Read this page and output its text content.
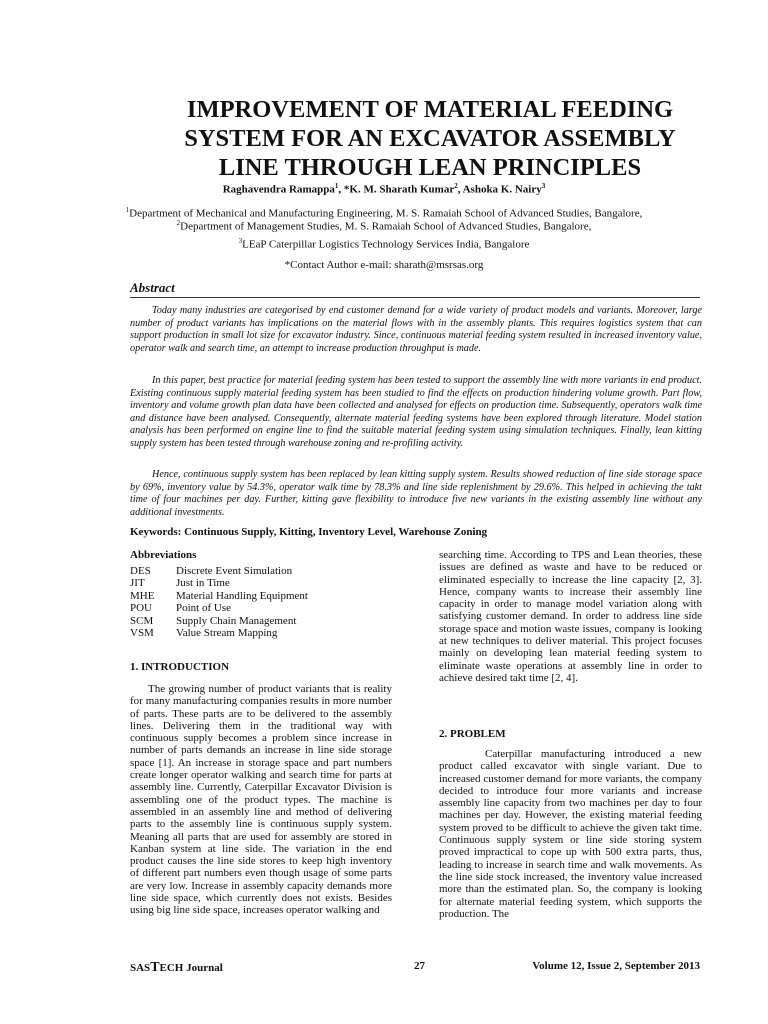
IMPROVEMENT OF MATERIAL FEEDING
SYSTEM FOR AN EXCAVATOR ASSEMBLY
LINE THROUGH LEAN PRINCIPLES
Raghavendra Ramappa$^1$, *K. M. Sharath Kumar$^2$, Ashoka K. Nairy$^3$
$^1$Department of Mechanical and Manufacturing Engineering, M. S. Ramaiah School of Advanced Studies, Bangalore,
$^2$Department of Management Studies, M. S. Ramaiah School of Advanced Studies, Bangalore,
$^3$LEaP Caterpillar Logistics Technology Services India, Bangalore
*Contact Author e-mail: sharath@msrsas.org
Abstract

Today many industries are categorised by end customer demand for a wide variety of product models and variants. Moreover, large number of product variants has implications on the material flows with in the assembly plants. This requires logistics system that can support production in small lot size for excavator industry. Since, continuous material feeding system resulted in increased inventory value, operator walk and search time, an attempt to increase production throughput is made.

In this paper, best practice for material feeding system has been tested to support the assembly line with more variants in end product. Existing continuous supply material feeding system has been studied to find the effects on production hindering volume growth. Part flow, inventory and volume growth plan data have been collected and analysed for effects on production time. Subsequently, operators walk time and distance have been analysed. Consequently, alternate material feeding systems have been explored through literature. Model station analysis has been performed on engine line to find the suitable material feeding system using simulation techniques. Finally, lean kitting supply system has been tested through warehouse zoning and re-profiling activity.

Hence, continuous supply system has been replaced by lean kitting supply system. Results showed reduction of line side storage space by 69%, inventory value by 54.3%, operator walk time by 78.3% and line side replenishment by 29.6%. This helped in achieving the takt time of four machines per day. Further, kitting gave flexibility to introduce five new variants in the existing assembly line without any additional investments.

Keywords: Continuous Supply, Kitting, Inventory Level, Warehouse Zoning
Abbreviations
DES	Discrete Event Simulation
JIT	Just in Time
MHE	Material Handling Equipment
POU	Point of Use
SCM	Supply Chain Management
VSM	Value Stream Mapping
1. INTRODUCTION

The growing number of product variants that is reality for many manufacturing companies results in more number of parts. These parts are to be delivered to the assembly lines. Delivering them in the traditional way with continuous supply becomes a problem since increase in number of parts demands an increase in line side storage space [1]. An increase in storage space and part numbers create longer operator walking and search time for parts at assembly line. Currently, Caterpillar Excavator Division is assembling one of the product types. The machine is assembled in an assembly line and method of delivering parts to the assembly line is continuous supply system. Meaning all parts that are used for assembly are stored in Kanban system at line side. The variation in the end product causes the line side stores to keep high inventory of different part numbers even though usage of some parts are very low. Increase in assembly capacity demands more line side space, which currently does not exists. Besides using big line side space, increases operator walking and

searching time. According to TPS and Lean theories, these issues are defined as waste and have to be reduced or eliminated especially to increase the line capacity [2, 3]. Hence, company wants to increase their assembly line capacity in order to manage model variation along with satisfying customer demand. In order to address line side storage space and motion waste issues, company is looking at new techniques to deliver material. This project focuses mainly on developing lean material feeding system to eliminate waste operations at assembly line in order to achieve desired takt time [2, 4].

2. PROBLEM

Caterpillar manufacturing introduced a new product called excavator with single variant. Due to increased customer demand for more variants, the company decided to introduce four more variants and increase assembly line capacity from two machines per day to four machines per day. However, the existing material feeding system proved to be difficult to achieve the given takt time. Continuous supply system or line side storing system proved impractical to cope up with 500 extra parts, thus, leading to increase in search time and walk movements. As the line side stock increased, the inventory value increased more than the estimated plan. So, the company is looking for alternate material feeding system, which supports the production. The

SASTECH Journal	27	Volume 12, Issue 2, September 2013
